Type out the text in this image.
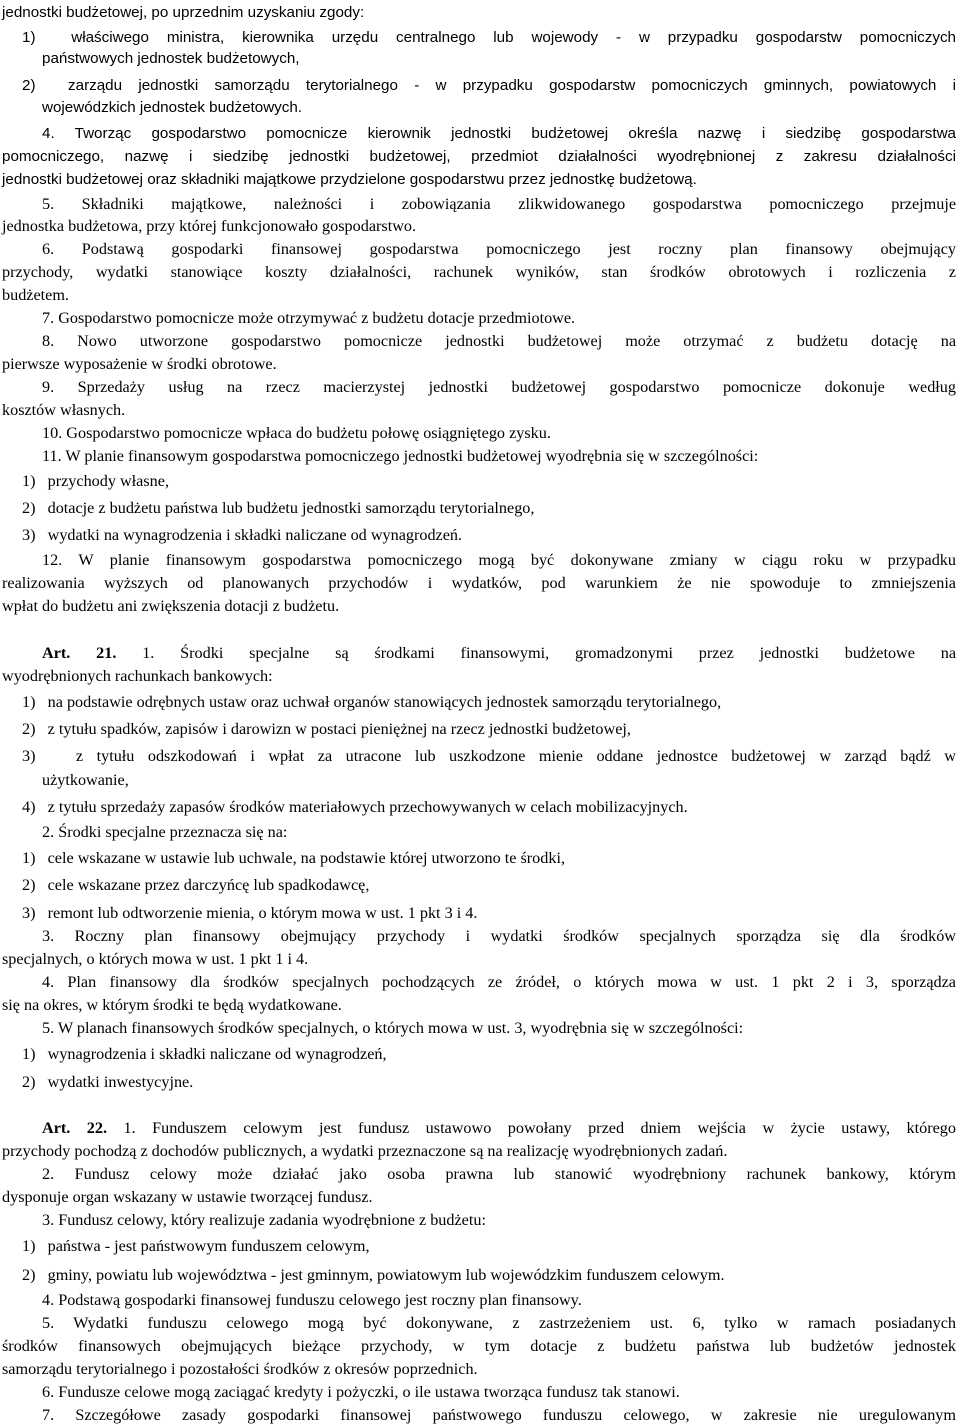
jednostki budżetowej, po uprzednim uzyskaniu zgody:
1)  właściwego ministra, kierownika urzędu centralnego lub wojewody - w przypadku gospodarstw pomocniczych
państwowych jednostek budżetowych,
2)  zarządu jednostki samorządu terytorialnego - w przypadku gospodarstw pomocniczych gminnych, powiatowych i
wojewódzkich jednostek budżetowych.
4. Tworząc gospodarstwo pomocnicze kierownik jednostki budżetowej określa nazwę i siedzibę gospodarstwa
pomocniczego, nazwę i siedzibę jednostki budżetowej, przedmiot działalności wyodrębnionej z zakresu działalności
jednostki budżetowej oraz składniki majątkowe przydzielone gospodarstwu przez jednostkę budżetową.
5. Składniki majątkowe, należności i zobowiązania zlikwidowanego gospodarstwa pomocniczego przejmuje
jednostka budżetowa, przy której funkcjonowało gospodarstwo.
6. Podstawą gospodarki finansowej gospodarstwa pomocniczego jest roczny plan finansowy obejmujący
przychody, wydatki stanowiące koszty działalności, rachunek wyników, stan środków obrotowych i rozliczenia z
budżetem.
7. Gospodarstwo pomocnicze może otrzymywać z budżetu dotacje przedmiotowe.
8. Nowo utworzone gospodarstwo pomocnicze jednostki budżetowej może otrzymać z budżetu dotację na
pierwsze wyposażenie w środki obrotowe.
9. Sprzedaży usług na rzecz macierzystej jednostki budżetowej gospodarstwo pomocnicze dokonuje według
kosztów własnych.
10. Gospodarstwo pomocnicze wpłaca do budżetu połowę osiągniętego zysku.
11. W planie finansowym gospodarstwa pomocniczego jednostki budżetowej wyodrębnia się w szczególności:
1)   przychody własne,
2)   dotacje z budżetu państwa lub budżetu jednostki samorządu terytorialnego,
3)   wydatki na wynagrodzenia i składki naliczane od wynagrodzeń.
12. W planie finansowym gospodarstwa pomocniczego mogą być dokonywane zmiany w ciągu roku w przypadku
realizowania wyższych od planowanych przychodów i wydatków, pod warunkiem że nie spowoduje to zmniejszenia
wpłat do budżetu ani zwiększenia dotacji z budżetu.
Art. 21. 1. Środki specjalne są środkami finansowymi, gromadzonymi przez jednostki budżetowe na
wyodrębnionych rachunkach bankowych:
1)   na podstawie odrębnych ustaw oraz uchwał organów stanowiących jednostek samorządu terytorialnego,
2)   z tytułu spadków, zapisów i darowizn w postaci pieniężnej na rzecz jednostki budżetowej,
3)   z tytułu odszkodowań i wpłat za utracone lub uszkodzone mienie oddane jednostce budżetowej w zarząd bądź w
użytkowanie,
4)   z tytułu sprzedaży zapasów środków materiałowych przechowywanych w celach mobilizacyjnych.
2. Środki specjalne przeznacza się na:
1)   cele wskazane w ustawie lub uchwale, na podstawie której utworzono te środki,
2)   cele wskazane przez darczyńcę lub spadkodawcę,
3)   remont lub odtworzenie mienia, o którym mowa w ust. 1 pkt 3 i 4.
3. Roczny plan finansowy obejmujący przychody i wydatki środków specjalnych sporządza się dla środków
specjalnych, o których mowa w ust. 1 pkt 1 i 4.
4. Plan finansowy dla środków specjalnych pochodzących ze źródeł, o których mowa w ust. 1 pkt 2 i 3, sporządza
się na okres, w którym środki te będą wydatkowane.
5. W planach finansowych środków specjalnych, o których mowa w ust. 3, wyodrębnia się w szczególności:
1)   wynagrodzenia i składki naliczane od wynagrodzeń,
2)   wydatki inwestycyjne.
Art. 22. 1. Funduszem celowym jest fundusz ustawowo powołany przed dniem wejścia w życie ustawy, którego
przychody pochodzą z dochodów publicznych, a wydatki przeznaczone są na realizację wyodrębnionych zadań.
2. Fundusz celowy może działać jako osoba prawna lub stanowić wyodrębniony rachunek bankowy, którym
dysponuje organ wskazany w ustawie tworzącej fundusz.
3. Fundusz celowy, który realizuje zadania wyodrębnione z budżetu:
1)   państwa - jest państwowym funduszem celowym,
2)   gminy, powiatu lub województwa - jest gminnym, powiatowym lub wojewódzkim funduszem celowym.
4. Podstawą gospodarki finansowej funduszu celowego jest roczny plan finansowy.
5. Wydatki funduszu celowego mogą być dokonywane, z zastrzeżeniem ust. 6, tylko w ramach posiadanych
środków finansowych obejmujących bieżące przychody, w tym dotacje z budżetu państwa lub budżetów jednostek
samorządu terytorialnego i pozostałości środków z okresów poprzednich.
6. Fundusze celowe mogą zaciągać kredyty i pożyczki, o ile ustawa tworząca fundusz tak stanowi.
7. Szczegółowe zasady gospodarki finansowej państwowego funduszu celowego, w zakresie nie uregulowanym
